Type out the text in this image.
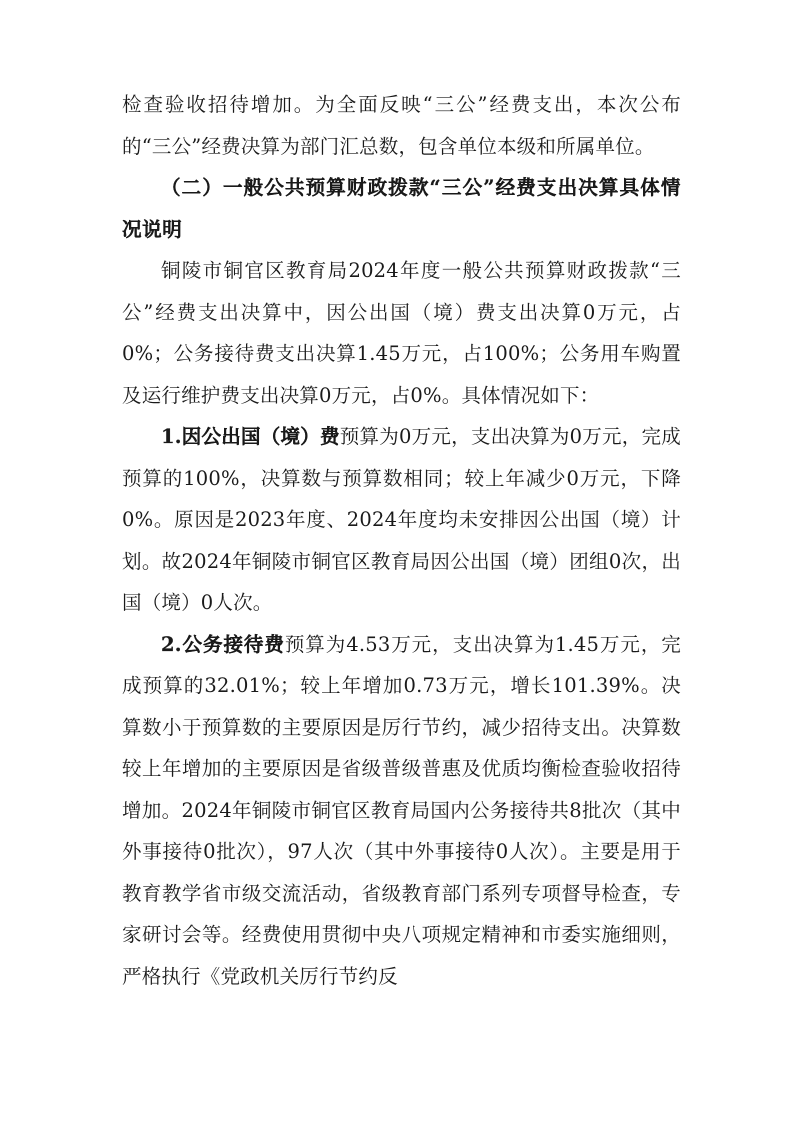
检查验收招待增加。为全面反映“三公”经费支出，本次公布的“三公”经费决算为部门汇总数，包含单位本级和所属单位。

（二）一般公共预算财政拨款“三公”经费支出决算具体情况说明

铜陵市铜官区教育局2024年度一般公共预算财政拨款“三公”经费支出决算中，因公出国（境）费支出决算0万元，占0%；公务接待费支出决算1.45万元，占100%；公务用车购置及运行维护费支出决算0万元，占0%。具体情况如下：

1.因公出国（境）费预算为0万元，支出决算为0万元，完成预算的100%，决算数与预算数相同；较上年减少0万元，下降0%。原因是2023年度、2024年度均未安排因公出国（境）计划。故2024年铜陵市铜官区教育局因公出国（境）团组0次，出国（境）0人次。

2.公务接待费预算为4.53万元，支出决算为1.45万元，完成预算的32.01%；较上年增加0.73万元，增长101.39%。决算数小于预算数的主要原因是厉行节约，减少招待支出。决算数较上年增加的主要原因是省级普级普惠及优质均衡检查验收招待增加。2024年铜陵市铜官区教育局国内公务接待共8批次（其中外事接待0批次），97人次（其中外事接待0人次）。主要是用于教育教学省市级交流活动，省级教育部门系列专项督导检查，专家研讨会等。经费使用贯彻中央八项规定精神和市委实施细则，严格执行《党政机关厉行节约反
